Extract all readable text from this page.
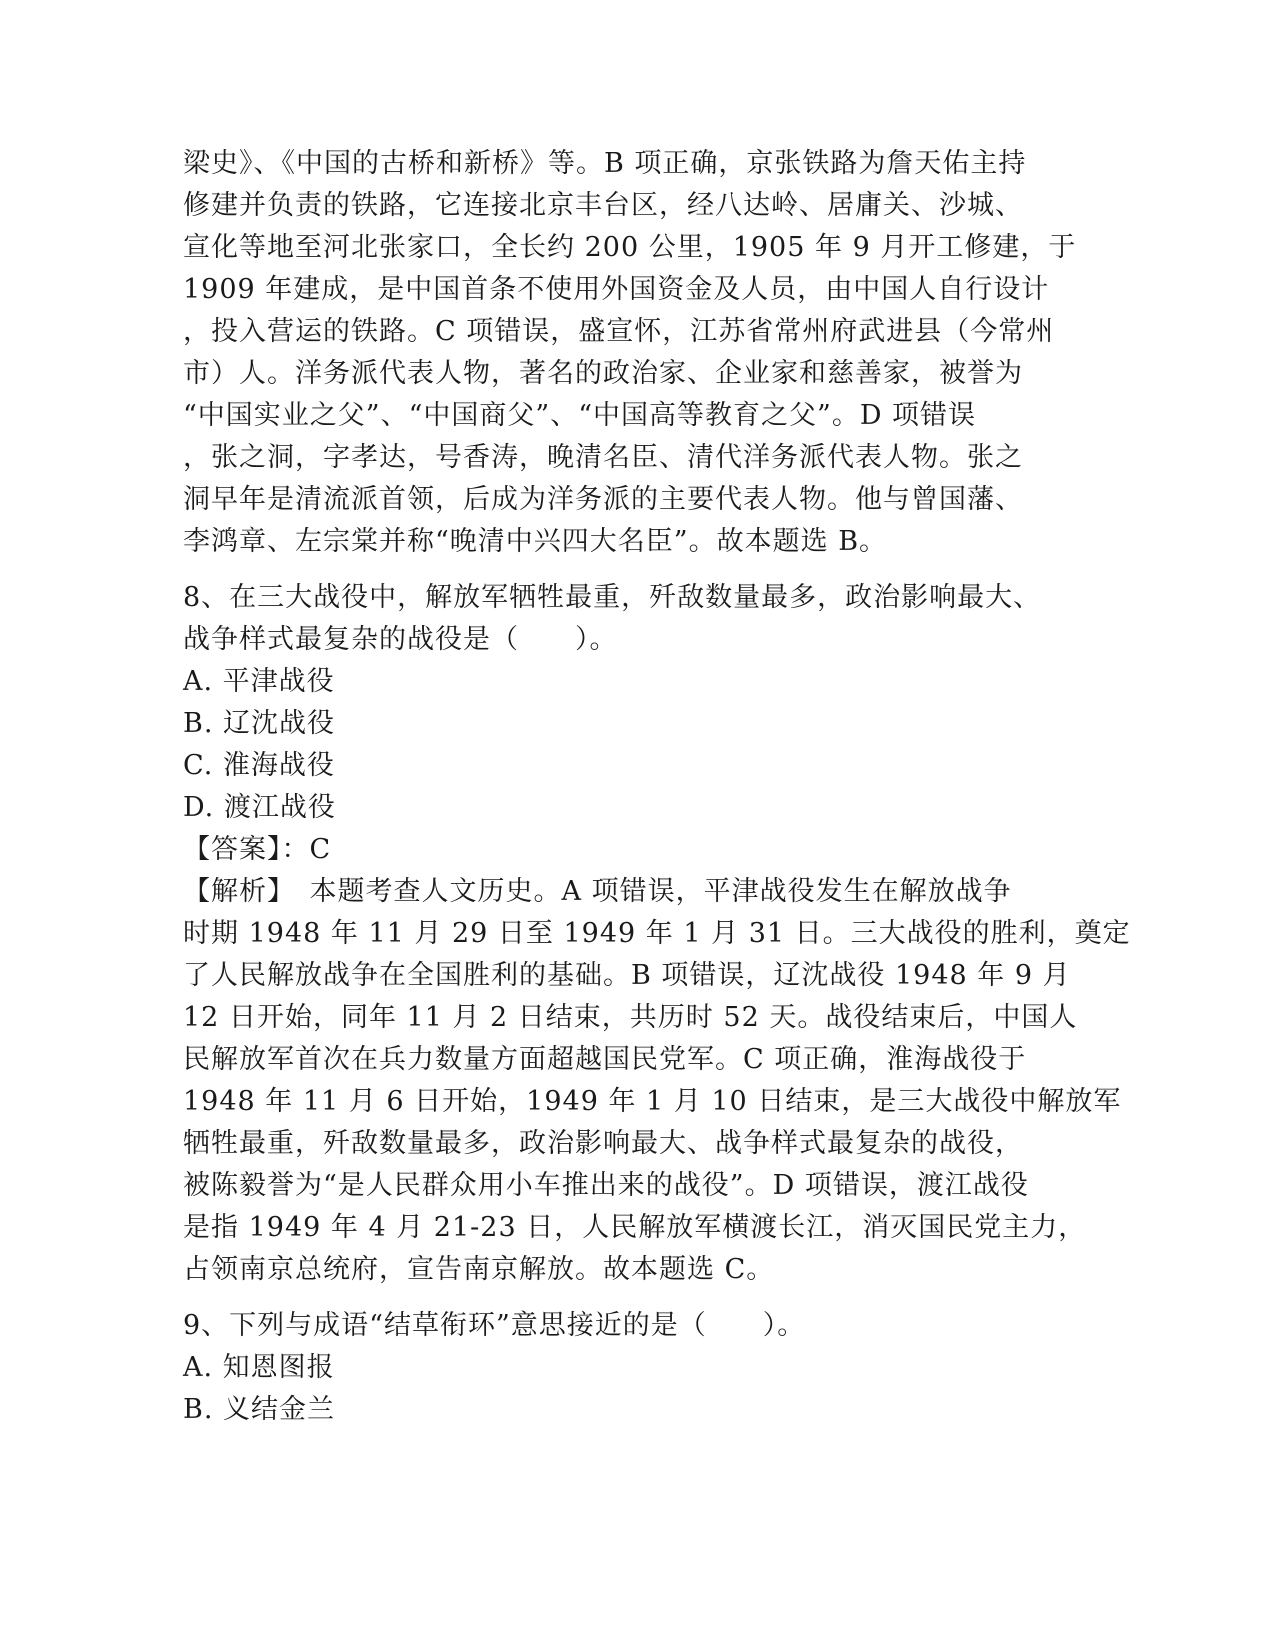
梁史》、《中国的古桥和新桥》等。B 项正确，京张铁路为詹天佑主持
修建并负责的铁路，它连接北京丰台区，经八达岭、居庸关、沙城、
宣化等地至河北张家口，全长约 200 公里，1905 年 9 月开工修建，于
1909 年建成，是中国首条不使用外国资金及人员，由中国人自行设计
，投入营运的铁路。C 项错误，盛宣怀，江苏省常州府武进县（今常州
市）人。洋务派代表人物，著名的政治家、企业家和慈善家，被誉为
“中国实业之父”、“中国商父”、“中国高等教育之父”。D 项错误
，张之洞，字孝达，号香涛，晚清名臣、清代洋务派代表人物。张之
洞早年是清流派首领，后成为洋务派的主要代表人物。他与曾国藩、
李鸿章、左宗棠并称“晚清中兴四大名臣”。故本题选 B。
8、在三大战役中，解放军牺牲最重，歼敌数量最多，政治影响最大、
战争样式最复杂的战役是（　　）。
A. 平津战役
B. 辽沈战役
C. 淮海战役
D. 渡江战役
【答案】：C
【解析】　本题考查人文历史。A 项错误，平津战役发生在解放战争
时期 1948 年 11 月 29 日至 1949 年 1 月 31 日。三大战役的胜利，奠定
了人民解放战争在全国胜利的基础。B 项错误，辽沈战役 1948 年 9 月
12 日开始，同年 11 月 2 日结束，共历时 52 天。战役结束后，中国人
民解放军首次在兵力数量方面超越国民党军。C 项正确，淮海战役于
1948 年 11 月 6 日开始，1949 年 1 月 10 日结束，是三大战役中解放军
牺牲最重，歼敌数量最多，政治影响最大、战争样式最复杂的战役，
被陈毅誉为“是人民群众用小车推出来的战役”。D 项错误，渡江战役
是指 1949 年 4 月 21-23 日，人民解放军横渡长江，消灭国民党主力，
占领南京总统府，宣告南京解放。故本题选 C。
9、下列与成语“结草衔环”意思接近的是（　　）。
A. 知恩图报
B. 义结金兰
